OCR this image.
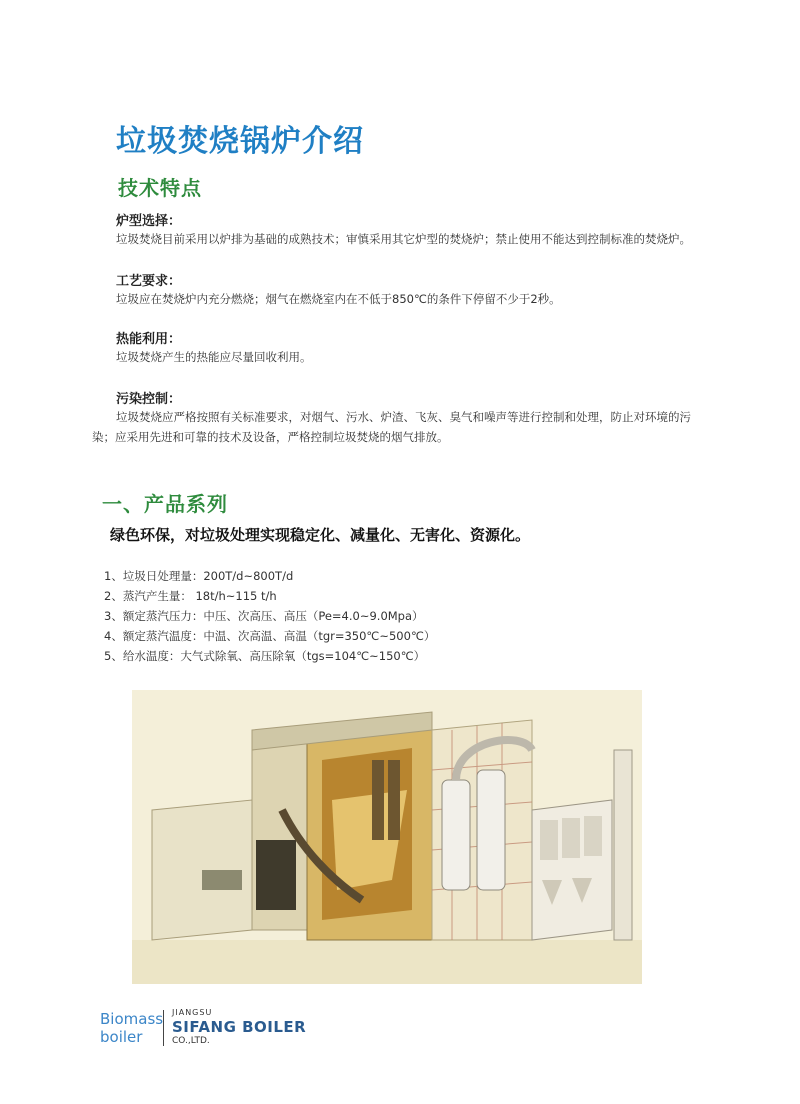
垃圾焚烧锅炉介绍
技术特点
炉型选择：
垃圾焚烧目前采用以炉排为基础的成熟技术；审慎采用其它炉型的焚烧炉；禁止使用不能达到控制标准的焚烧炉。
工艺要求：
垃圾应在焚烧炉内充分燃烧；烟气在燃烧室内在不低于850℃的条件下停留不少于2秒。
热能利用：
垃圾焚烧产生的热能应尽量回收利用。
污染控制：
垃圾焚烧应严格按照有关标准要求，对烟气、污水、炉渣、飞灰、臭气和噪声等进行控制和处理，防止对环境的污
染；应采用先进和可靠的技术及设备，严格控制垃圾焚烧的烟气排放。
一、产品系列
绿色环保，对垃圾处理实现稳定化、减量化、无害化、资源化。
1、垃圾日处理量：200T/d~800T/d
2、蒸汽产生量： 18t/h~115 t/h
3、额定蒸汽压力：中压、次高压、高压（Pe=4.0~9.0Mpa）
4、额定蒸汽温度：中温、次高温、高温（tgr=350℃~500℃）
5、给水温度：大气式除氧、高压除氧（tgs=104℃~150℃）
Biomass
boiler
JIANGSU
SIFANG BOILER
CO.,LTD.
